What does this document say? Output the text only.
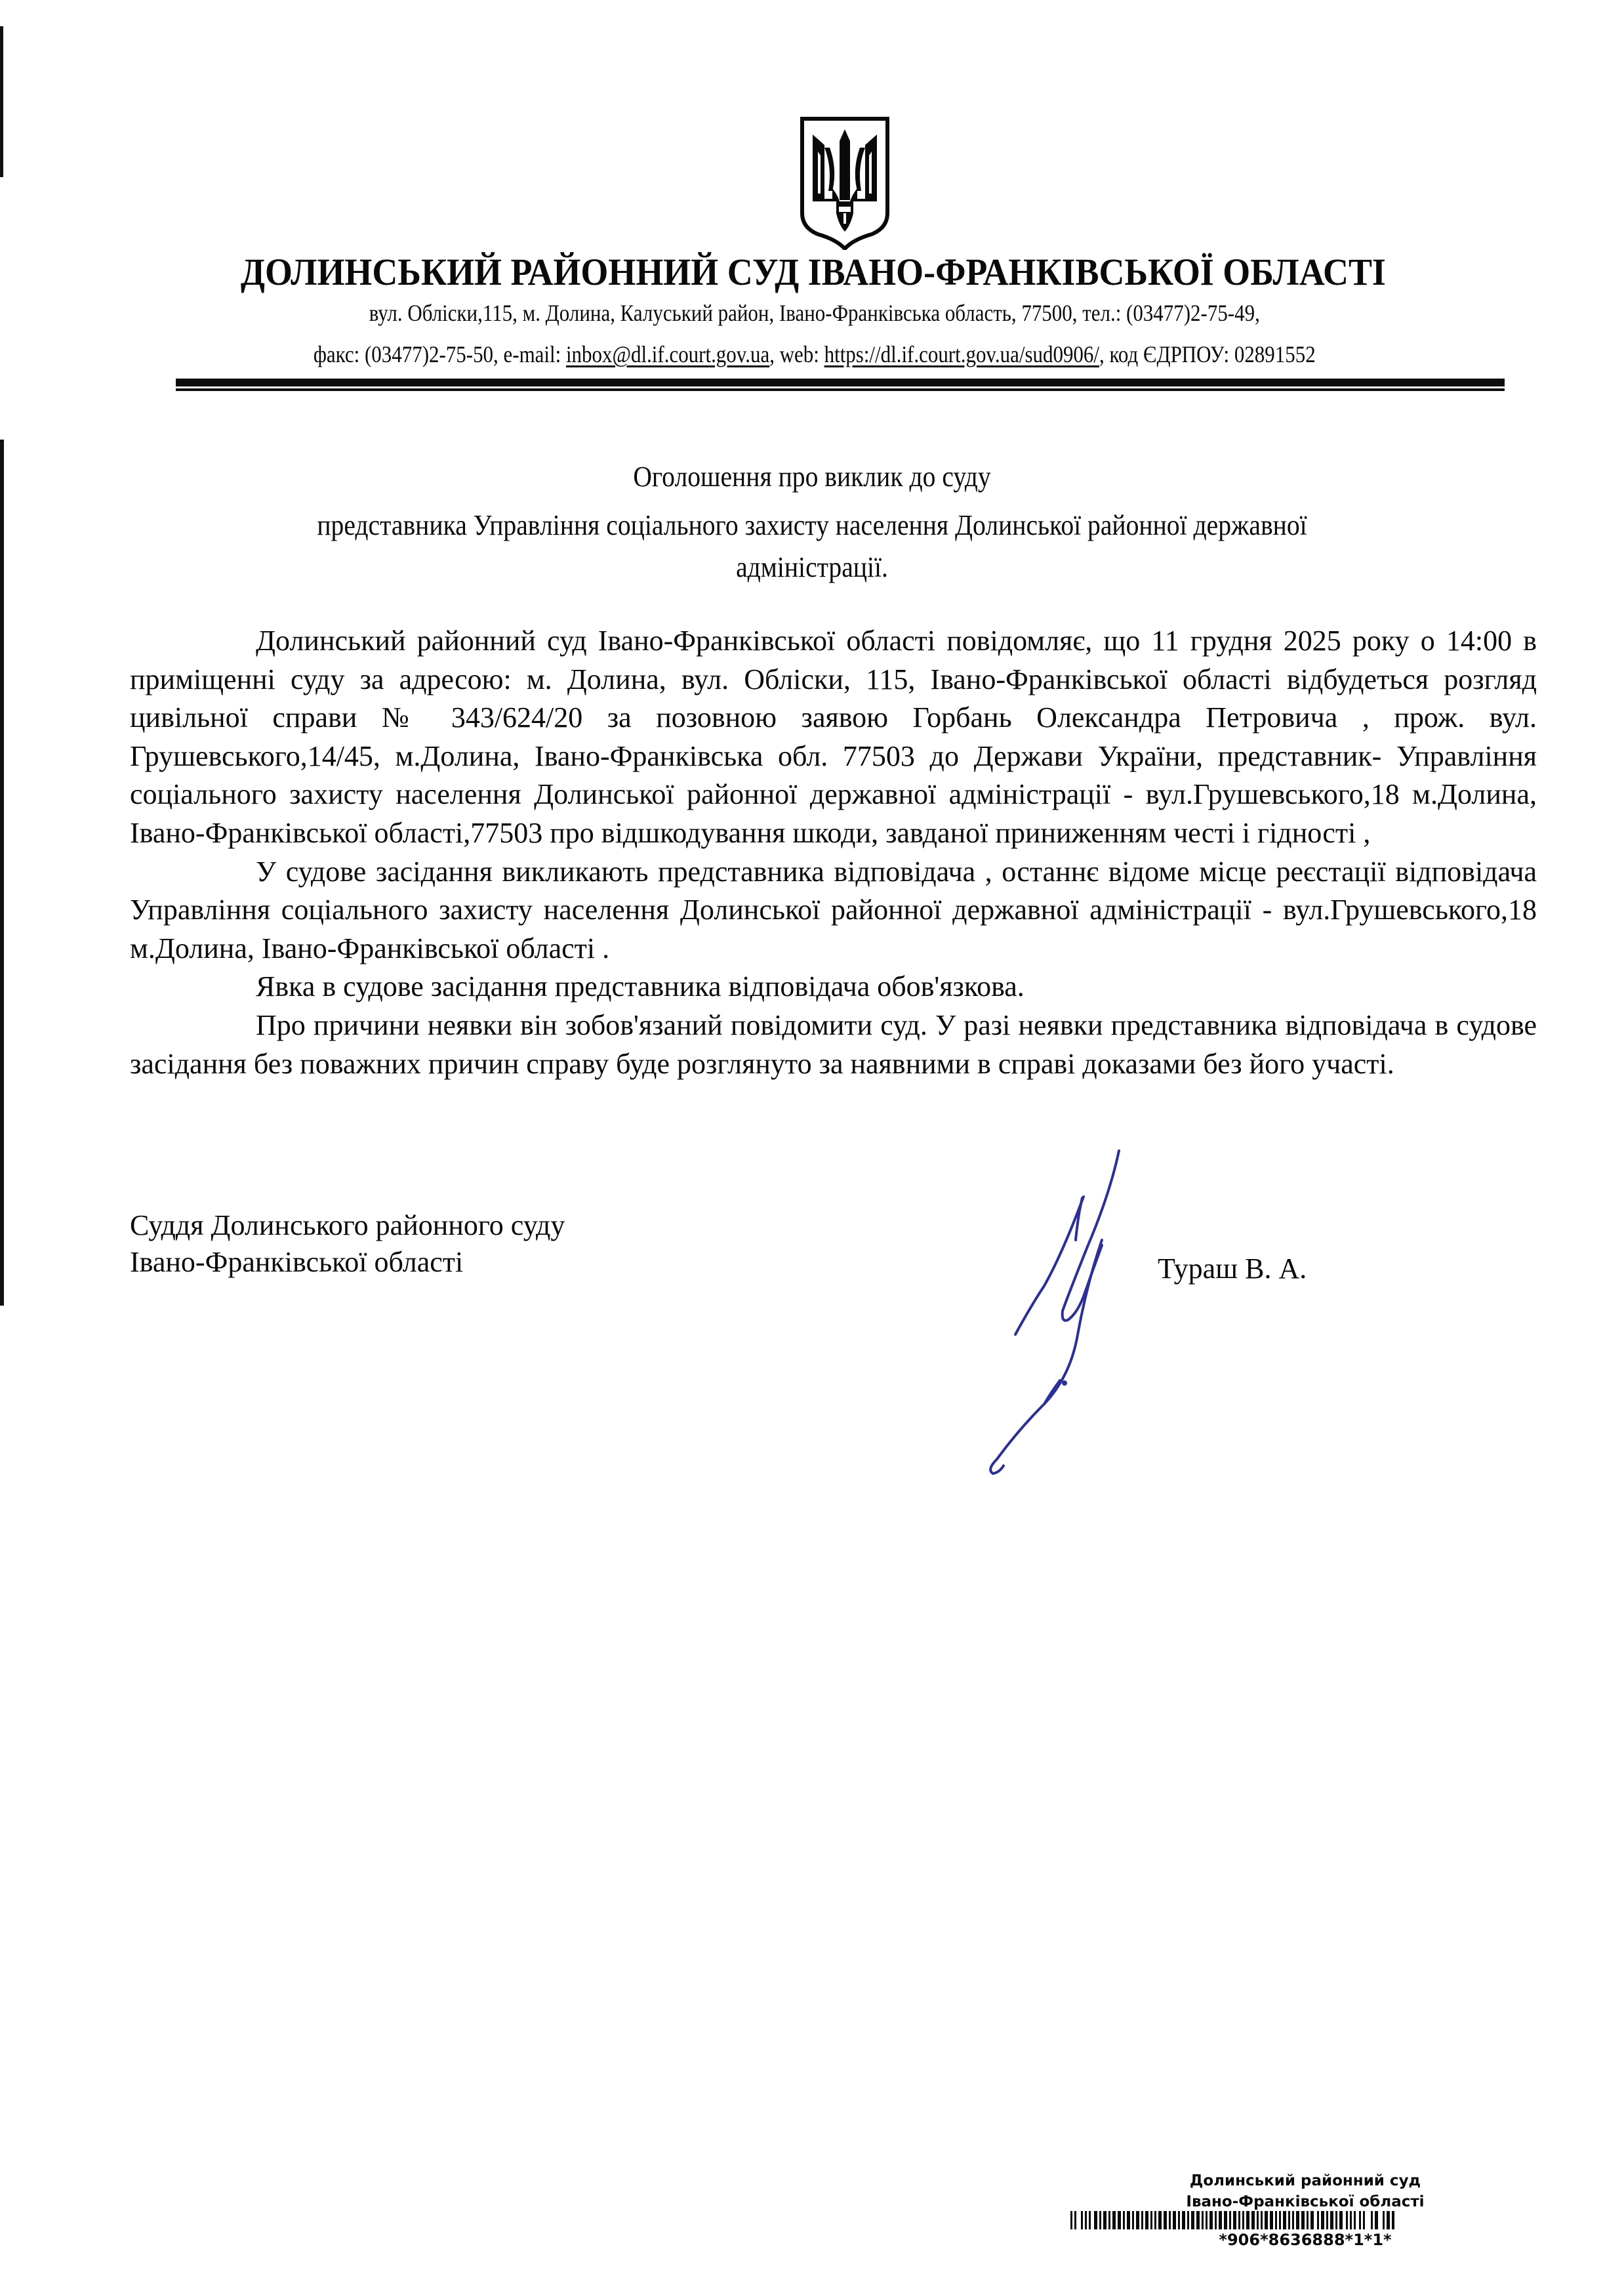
ДОЛИНСЬКИЙ РАЙОННИЙ СУД ІВАНО-ФРАНКІВСЬКОЇ ОБЛАСТІ
вул. Обліски,115, м. Долина, Калуський район, Івано-Франківська область, 77500, тел.: (03477)2-75-49,
факс: (03477)2-75-50, e-mail: inbox@dl.if.court.gov.ua, web: https://dl.if.court.gov.ua/sud0906/, код ЄДРПОУ: 02891552
Оголошення про виклик до суду
представника Управління соціального захисту населення Долинської районної державної
адміністрації.

Долинський районний суд Івано-Франківської області повідомляє, що 11 грудня 2025 року о 14:00 в приміщенні суду за адресою: м. Долина, вул. Обліски, 115, Івано-Франківської області відбудеться розгляд цивільної справи № 343/624/20 за позовною заявою Горбань Олександра Петровича , прож. вул. Грушевського,14/45, м.Долина, Івано-Франківська обл. 77503 до Держави України, представник- Управління соціального захисту населення Долинської районної державної адміністрації - вул.Грушевського,18 м.Долина, Івано-Франківської області,77503 про відшкодування шкоди, завданої приниженням честі і гідності ,

У судове засідання викликають представника відповідача , останнє відоме місце реєстації відповідача Управління соціального захисту населення Долинської районної державної адміністрації - вул.Грушевського,18 м.Долина, Івано-Франківської області .

Явка в судове засідання представника відповідача обов'язкова.

Про причини неявки він зобов'язаний повідомити суд. У разі неявки представника відповідача в судове засідання без поважних причин справу буде розглянуто за наявними в справі доказами без його участі.

Суддя Долинського районного суду
Івано-Франківської області	Тураш В. А.
Долинський районний суд
Івано-Франківської області
*906*8636888*1*1*
